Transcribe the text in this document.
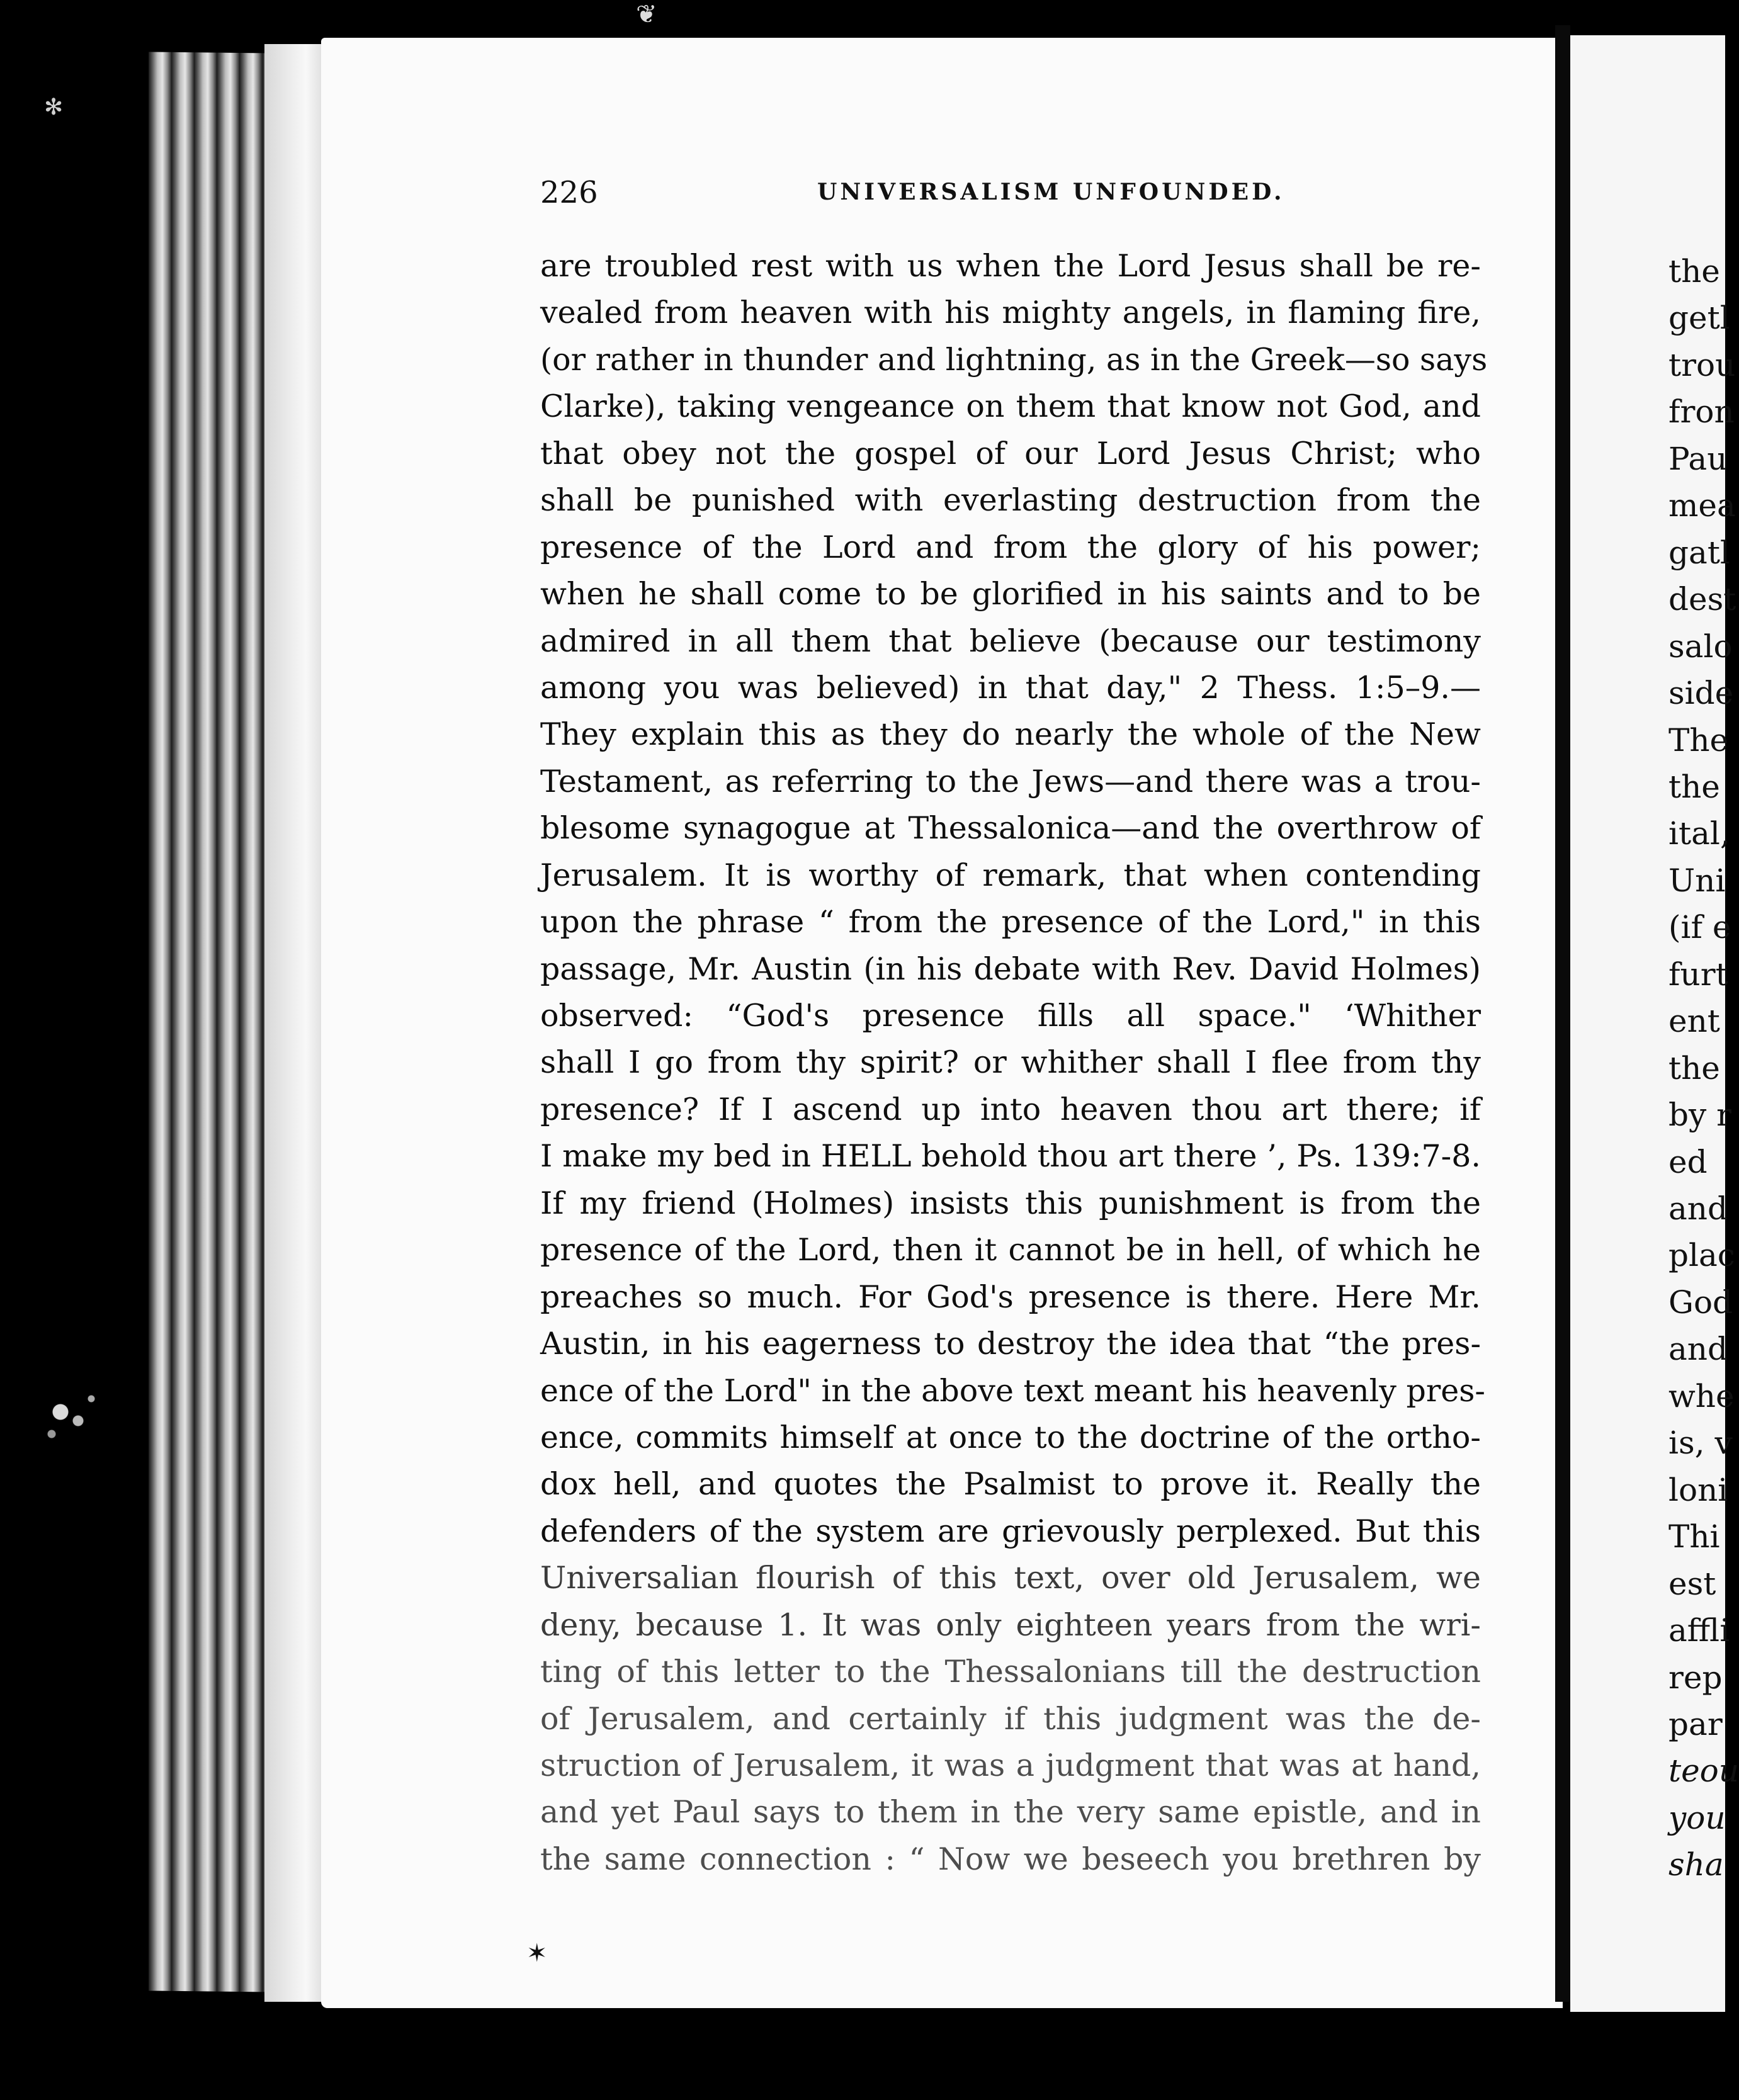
❦
✻
226	UNIVERSALISM UNFOUNDED.
are troubled rest with us when the Lord Jesus shall be re-
vealed from heaven with his mighty angels, in flaming fire,
(or rather in thunder and lightning, as in the Greek—so says
Clarke), taking vengeance on them that know not God, and
that obey not the gospel of our Lord Jesus Christ; who
shall be punished with everlasting destruction from the
presence of the Lord and from the glory of his power;
when he shall come to be glorified in his saints and to be
admired in all them that believe (because our testimony
among you was believed) in that day," 2 Thess. 1:5–9.—
They explain this as they do nearly the whole of the New
Testament, as referring to the Jews—and there was a trou-
blesome synagogue at Thessalonica—and the overthrow of
Jerusalem. It is worthy of remark, that when contending
upon the phrase “ from the presence of the Lord," in this
passage, Mr. Austin (in his debate with Rev. David Holmes)
observed: “God's presence fills all space." ‘Whither
shall I go from thy spirit? or whither shall I flee from thy
presence? If I ascend up into heaven thou art there; if
I make my bed in HELL behold thou art there ’, Ps. 139:7-8.
If my friend (Holmes) insists this punishment is from the
presence of the Lord, then it cannot be in hell, of which he
preaches so much. For God's presence is there. Here Mr.
Austin, in his eagerness to destroy the idea that “the pres-
ence of the Lord" in the above text meant his heavenly pres-
ence, commits himself at once to the doctrine of the ortho-
dox hell, and quotes the Psalmist to prove it. Really the
defenders of the system are grievously perplexed. But this
Universalian flourish of this text, over old Jerusalem, we
deny, because 1. It was only eighteen years from the wri-
ting of this letter to the Thessalonians till the destruction
of Jerusalem, and certainly if this judgment was the de-
struction of Jerusalem, it was a judgment that was at hand,
and yet Paul says to them in the very same epistle, and in
the same connection : “ Now we beseech you brethren by
✶
the
getl
trou
fron
Pau
mea
gatl
dest
salo
side
The
the
ital,
Uni
(if e
furt
ent
the
by r
ed
and
plac
God
and
whe
is, v
loni
Thi
est
affli
rep
par
teou
you
sha
